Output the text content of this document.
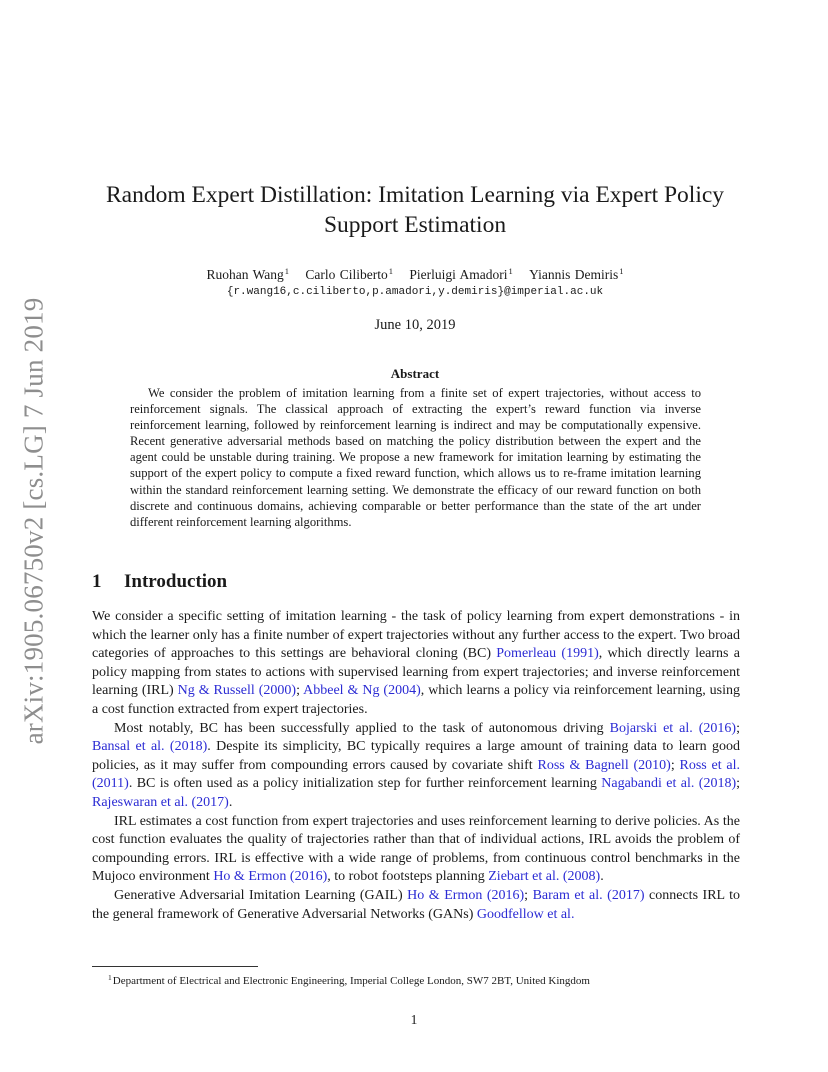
arXiv:1905.06750v2 [cs.LG] 7 Jun 2019
Random Expert Distillation: Imitation Learning via Expert Policy Support Estimation
Ruohan Wang$^1$ Carlo Ciliberto$^1$ Pierluigi Amadori$^1$ Yiannis Demiris$^1$
{r.wang16,c.ciliberto,p.amadori,y.demiris}@imperial.ac.uk
June 10, 2019
Abstract

We consider the problem of imitation learning from a finite set of expert trajectories, without access to reinforcement signals. The classical approach of extracting the expert’s reward function via inverse reinforcement learning, followed by reinforcement learning is indirect and may be computationally expensive. Recent generative adversarial methods based on matching the policy distribution between the expert and the agent could be unstable during training. We propose a new framework for imitation learning by estimating the support of the expert policy to compute a fixed reward function, which allows us to re-frame imitation learning within the standard reinforcement learning setting. We demonstrate the efficacy of our reward function on both discrete and continuous domains, achieving comparable or better performance than the state of the art under different reinforcement learning algorithms.

1 Introduction

We consider a specific setting of imitation learning - the task of policy learning from expert demonstrations - in which the learner only has a finite number of expert trajectories without any further access to the expert. Two broad categories of approaches to this settings are behavioral cloning (BC) Pomerleau (1991), which directly learns a policy mapping from states to actions with supervised learning from expert trajectories; and inverse reinforcement learning (IRL) Ng & Russell (2000); Abbeel & Ng (2004), which learns a policy via reinforcement learning, using a cost function extracted from expert trajectories.

Most notably, BC has been successfully applied to the task of autonomous driving Bojarski et al. (2016); Bansal et al. (2018). Despite its simplicity, BC typically requires a large amount of training data to learn good policies, as it may suffer from compounding errors caused by covariate shift Ross & Bagnell (2010); Ross et al. (2011). BC is often used as a policy initialization step for further reinforcement learning Nagabandi et al. (2018); Rajeswaran et al. (2017).

IRL estimates a cost function from expert trajectories and uses reinforcement learning to derive policies. As the cost function evaluates the quality of trajectories rather than that of individual actions, IRL avoids the problem of compounding errors. IRL is effective with a wide range of problems, from continuous control benchmarks in the Mujoco environment Ho & Ermon (2016), to robot footsteps planning Ziebart et al. (2008).

Generative Adversarial Imitation Learning (GAIL) Ho & Ermon (2016); Baram et al. (2017) connects IRL to the general framework of Generative Adversarial Networks (GANs) Goodfellow et al.

$^1$Department of Electrical and Electronic Engineering, Imperial College London, SW7 2BT, United Kingdom
1
